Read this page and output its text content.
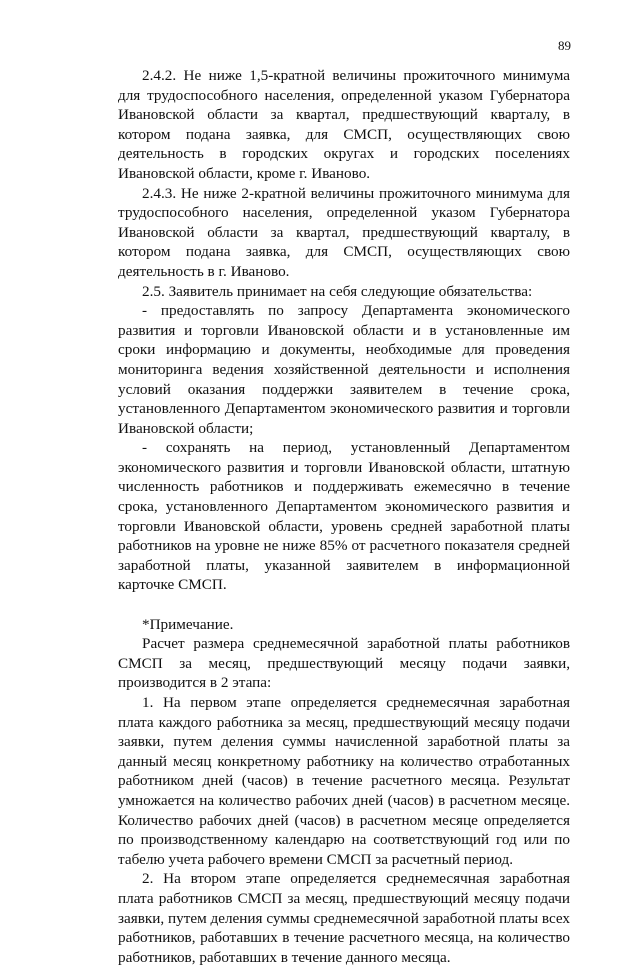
89

2.4.2. Не ниже 1,5-кратной величины прожиточного минимума для трудоспособного населения, определенной указом Губернатора Ивановской области за квартал, предшествующий кварталу, в котором подана заявка, для СМСП, осуществляющих свою деятельность в городских округах и городских поселениях Ивановской области, кроме г. Иваново.

2.4.3. Не ниже 2-кратной величины прожиточного минимума для трудоспособного населения, определенной указом Губернатора Ивановской области за квартал, предшествующий кварталу, в котором подана заявка, для СМСП, осуществляющих свою деятельность в г. Иваново.

2.5. Заявитель принимает на себя следующие обязательства:

- предоставлять по запросу Департамента экономического развития и торговли Ивановской области и в установленные им сроки информацию и документы, необходимые для проведения мониторинга ведения хозяйственной деятельности и исполнения условий оказания поддержки заявителем в течение срока, установленного Департаментом экономического развития и торговли Ивановской области;

- сохранять на период, установленный Департаментом экономического развития и торговли Ивановской области, штатную численность работников и поддерживать ежемесячно в течение срока, установленного Департаментом экономического развития и торговли Ивановской области, уровень средней заработной платы работников на уровне не ниже 85% от расчетного показателя средней заработной платы, указанной заявителем в информационной карточке СМСП.

*Примечание.

Расчет размера среднемесячной заработной платы работников СМСП за месяц, предшествующий месяцу подачи заявки, производится в 2 этапа:

1. На первом этапе определяется среднемесячная заработная плата каждого работника за месяц, предшествующий месяцу подачи заявки, путем деления суммы начисленной заработной платы за данный месяц конкретному работнику на количество отработанных работником дней (часов) в течение расчетного месяца. Результат умножается на количество рабочих дней (часов) в расчетном месяце. Количество рабочих дней (часов) в расчетном месяце определяется по производственному календарю на соответствующий год или по табелю учета рабочего времени СМСП за расчетный период.

2. На втором этапе определяется среднемесячная заработная плата работников СМСП за месяц, предшествующий месяцу подачи заявки, путем деления суммы среднемесячной заработной платы всех работников, работавших в течение расчетного месяца, на количество работников, работавших в течение данного месяца.
